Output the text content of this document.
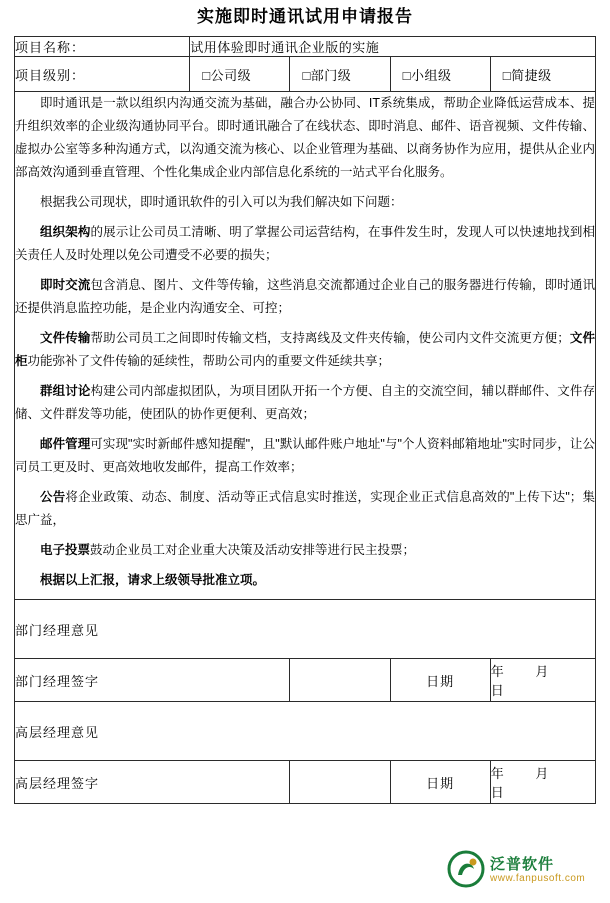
实施即时通讯试用申请报告
项目名称：	试用体验即时通讯企业版的实施			
项目级别：	□公司级	□部门级	□小组级	□简捷级

即时通讯是一款以组织内沟通交流为基础，融合办公协同、IT系统集成，帮助企业降低运营成本、提升组织效率的企业级沟通协同平台。即时通讯融合了在线状态、即时消息、邮件、语音视频、文件传输、虚拟办公室等多种沟通方式，以沟通交流为核心、以企业管理为基础、以商务协作为应用，提供从企业内部高效沟通到垂直管理、个性化集成企业内部信息化系统的一站式平台化服务。

根据我公司现状，即时通讯软件的引入可以为我们解决如下问题：

组织架构的展示让公司员工清晰、明了掌握公司运营结构，在事件发生时，发现人可以快速地找到相关责任人及时处理以免公司遭受不必要的损失；

即时交流包含消息、图片、文件等传输，这些消息交流都通过企业自己的服务器进行传输，即时通讯还提供消息监控功能，是企业内沟通安全、可控；

文件传输帮助公司员工之间即时传输文档，支持离线及文件夹传输，使公司内文件交流更方便；文件柜功能弥补了文件传输的延续性，帮助公司内的重要文件延续共享；

群组讨论构建公司内部虚拟团队，为项目团队开拓一个方便、自主的交流空间，辅以群邮件、文件存储、文件群发等功能，使团队的协作更便利、更高效；

邮件管理可实现"实时新邮件感知提醒"，且"默认邮件账户地址"与"个人资料邮箱地址"实时同步，让公司员工更及时、更高效地收发邮件，提高工作效率；

公告将企业政策、动态、制度、活动等正式信息实时推送，实现企业正式信息高效的"上传下达"；集思广益，

电子投票鼓动企业员工对企业重大决策及活动安排等进行民主投票；

根据以上汇报，请求上级领导批准立项。

部门经理意见				
部门经理签字			日期	年 月 日
高层经理意见				
高层经理签字			日期	年 月 日
泛普软件
www.fanpusoft.com
